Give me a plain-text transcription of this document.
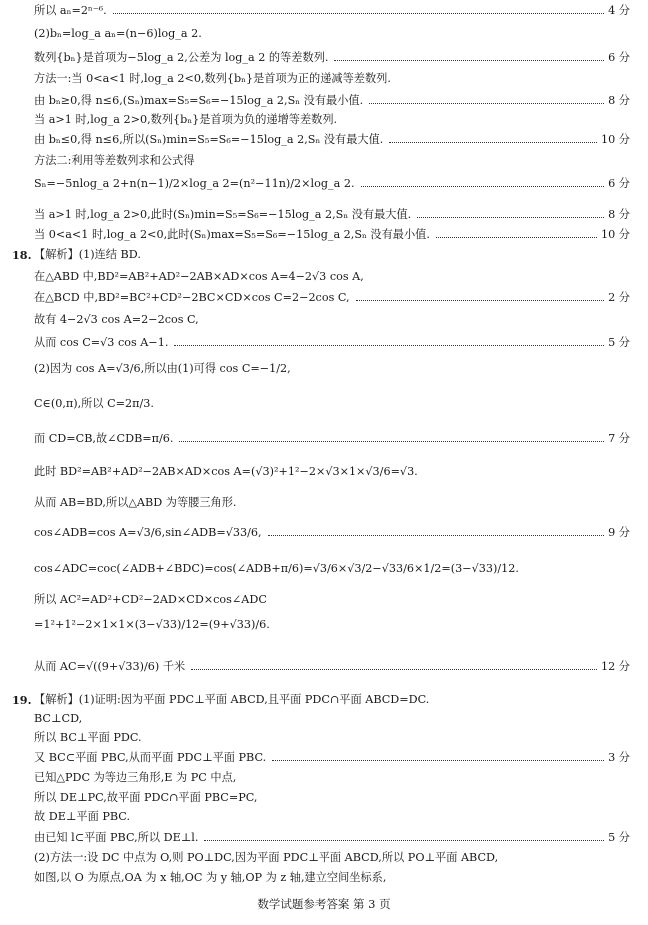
所以 aₙ=2ⁿ⁻⁶.	4 分
(2)bₙ=log_a aₙ=(n−6)log_a 2.
数列{bₙ}是首项为−5log_a 2,公差为 log_a 2 的等差数列.	6 分
方法一:当 0<a<1 时,log_a 2<0,数列{bₙ}是首项为正的递减等差数列.
由 bₙ≥0,得 n≤6,(Sₙ)max=S₅=S₆=−15log_a 2,Sₙ 没有最小值.	8 分
当 a>1 时,log_a 2>0,数列{bₙ}是首项为负的递增等差数列.
由 bₙ≤0,得 n≤6,所以(Sₙ)min=S₅=S₆=−15log_a 2,Sₙ 没有最大值.	10 分
方法二:利用等差数列求和公式得
Sₙ=−5nlog_a 2+n(n−1)/2×log_a 2=(n²−11n)/2×log_a 2.	6 分
当 a>1 时,log_a 2>0,此时(Sₙ)min=S₅=S₆=−15log_a 2,Sₙ 没有最大值.	8 分
当 0<a<1 时,log_a 2<0,此时(Sₙ)max=S₅=S₆=−15log_a 2,Sₙ 没有最小值.	10 分
18. 【解析】(1)连结 BD.
在△ABD 中,BD²=AB²+AD²−2AB×AD×cos A=4−2√3 cos A,
在△BCD 中,BD²=BC²+CD²−2BC×CD×cos C=2−2cos C,	2 分
故有 4−2√3 cos A=2−2cos C,
从而 cos C=√3 cos A−1.	5 分
(2)因为 cos A=√3/6,所以由(1)可得 cos C=−1/2,
C∈(0,π),所以 C=2π/3.
而 CD=CB,故∠CDB=π/6.	7 分
此时 BD²=AB²+AD²−2AB×AD×cos A=(√3)²+1²−2×√3×1×√3/6=√3.
从而 AB=BD,所以△ABD 为等腰三角形.
cos∠ADB=cos A=√3/6,sin∠ADB=√33/6,	9 分
cos∠ADC=coc(∠ADB+∠BDC)=cos(∠ADB+π/6)=√3/6×√3/2−√33/6×1/2=(3−√33)/12.
所以 AC²=AD²+CD²−2AD×CD×cos∠ADC
=1²+1²−2×1×1×(3−√33)/12=(9+√33)/6.
从而 AC=√((9+√33)/6) 千米	12 分
19. 【解析】(1)证明:因为平面 PDC⊥平面 ABCD,且平面 PDC∩平面 ABCD=DC.
BC⊥CD,
所以 BC⊥平面 PDC.
又 BC⊂平面 PBC,从而平面 PDC⊥平面 PBC.	3 分
已知△PDC 为等边三角形,E 为 PC 中点,
所以 DE⊥PC,故平面 PDC∩平面 PBC=PC,
故 DE⊥平面 PBC.
由已知 l⊂平面 PBC,所以 DE⊥l.	5 分
(2)方法一:设 DC 中点为 O,则 PO⊥DC,因为平面 PDC⊥平面 ABCD,所以 PO⊥平面 ABCD,
如图,以 O 为原点,OA 为 x 轴,OC 为 y 轴,OP 为 z 轴,建立空间坐标系,
数学试题参考答案 第 3 页
